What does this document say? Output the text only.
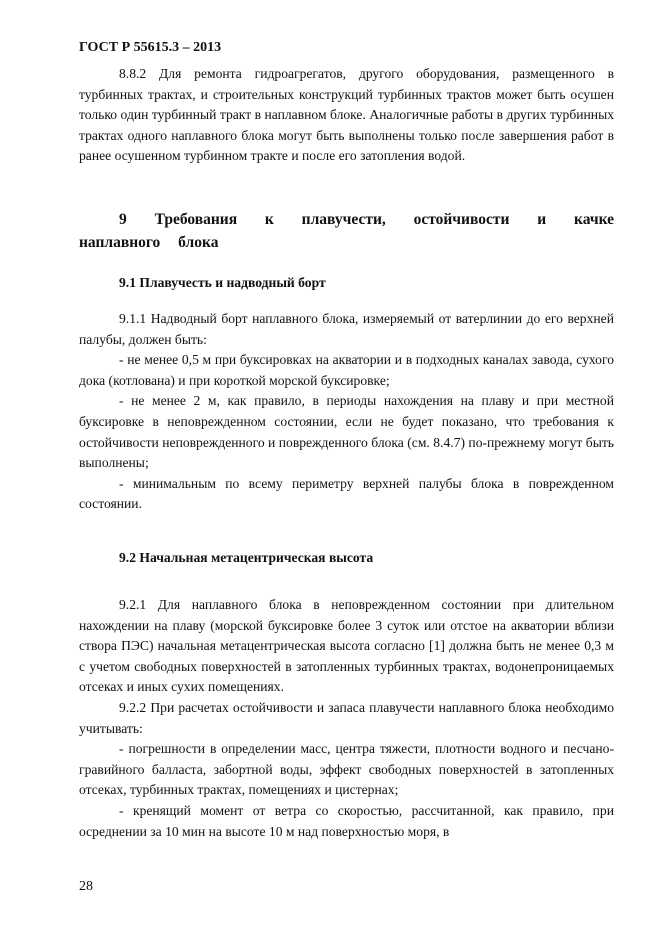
ГОСТ Р 55615.3 – 2013

8.8.2 Для ремонта гидроагрегатов, другого оборудования, размещенного в турбинных трактах, и строительных конструкций турбинных трактов может быть осушен только один турбинный тракт в наплавном блоке. Аналогичные работы в других турбинных трактах одного наплавного блока могут быть выполнены только после завершения работ в ранее осушенном турбинном тракте и после его затопления водой.

9 Требования к плавучести, остойчивости и качке наплавного блока
9.1 Плавучесть и надводный борт

9.1.1 Надводный борт наплавного блока, измеряемый от ватерлинии до его верхней палубы, должен быть:

- не менее 0,5 м при буксировках на акватории и в подходных каналах завода, сухого дока (котлована) и при короткой морской буксировке;

- не менее 2 м, как правило, в периоды нахождения на плаву и при местной буксировке в неповрежденном состоянии, если не будет показано, что требования к остойчивости неповрежденного и поврежденного блока (см. 8.4.7) по-прежнему могут быть выполнены;

- минимальным по всему периметру верхней палубы блока в поврежденном состоянии.

9.2 Начальная метацентрическая высота

9.2.1 Для наплавного блока в неповрежденном состоянии при длительном нахождении на плаву (морской буксировке более 3 суток или отстое на акватории вблизи створа ПЭС) начальная метацентрическая высота согласно [1] должна быть не менее 0,3 м с учетом свободных поверхностей в затопленных турбинных трактах, водонепроницаемых отсеках и иных сухих помещениях.

9.2.2 При расчетах остойчивости и запаса плавучести наплавного блока необходимо учитывать:

- погрешности в определении масс, центра тяжести, плотности водного и песчано-гравийного балласта, забортной воды, эффект свободных поверхностей в затопленных отсеках, турбинных трактах, помещениях и цистернах;

- кренящий момент от ветра со скоростью, рассчитанной, как правило, при осреднении за 10 мин на высоте 10 м над поверхностью моря, в

28
